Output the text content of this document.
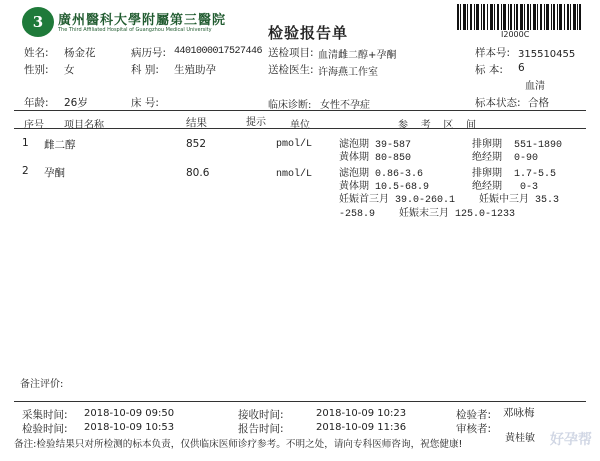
3	廣州醫科大學附屬第三醫院
The Third Affiliated Hospital of Guangzhou Medical University	检验报告单	I2000C
姓名: 杨金花	病历号: 4401000017527446 送检项目: 血清雌二醇+孕酮	样本号: 315510455
性别: 女	科 别: 生殖助孕	送检医生: 许海燕工作室	标 本: 6
血清
年龄: 26岁	床 号:	临床诊断: 女性不孕症	标本状态: 合格
序号 项目名称	结果	提示 单位	参    考    区    间
1 雌二醇	852	pmol/L	滤泡期 39-587	排卵期  551-1890
黄体期 80-850	绝经期  0-90
2 孕酮	80.6	nmol/L	滤泡期 0.86-3.6	排卵期  1.7-5.5
黄体期 10.5-68.9	绝经期   0-3
妊娠首三月 39.0-260.1    妊娠中三月 35.3
-258.9    妊娠末三月 125.0-1233
备注评价:
采集时间: 2018-10-09 09:50	接收时间:	2018-10-09 10:23	检验者: 邓咏梅
检验时间: 2018-10-09 10:53	报告时间:	2018-10-09 11:36	审核者:
黄桂敏
备注:检验结果只对所检测的标本负责，仅供临床医师诊疗参考。不明之处，请向专科医师咨询，祝您健康!	好孕帮
